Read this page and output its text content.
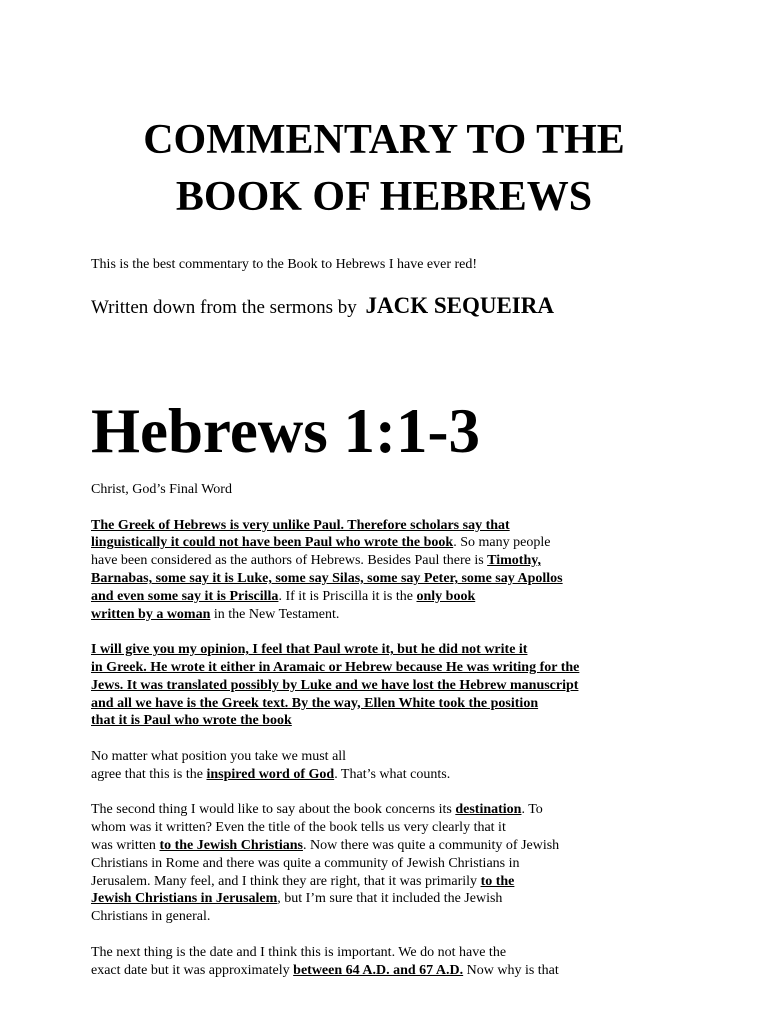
COMMENTARY TO THE
BOOK OF HEBREWS

This is the best commentary to the Book to Hebrews I have ever red!

Written down from the sermons by JACK SEQUEIRA

Hebrews 1:1-3

Christ, God’s Final Word

The Greek of Hebrews is very unlike Paul. Therefore scholars say that
linguistically it could not have been Paul who wrote the book. So many people
have been considered as the authors of Hebrews. Besides Paul there is Timothy,
Barnabas, some say it is Luke, some say Silas, some say Peter, some say Apollos
and even some say it is Priscilla. If it is Priscilla it is the only book
written by a woman in the New Testament.

I will give you my opinion, I feel that Paul wrote it, but he did not write it
in Greek. He wrote it either in Aramaic or Hebrew because He was writing for the
Jews. It was translated possibly by Luke and we have lost the Hebrew manuscript
and all we have is the Greek text. By the way, Ellen White took the position
that it is Paul who wrote the book

No matter what position you take we must all
agree that this is the inspired word of God. That’s what counts.

The second thing I would like to say about the book concerns its destination. To
whom was it written? Even the title of the book tells us very clearly that it
was written to the Jewish Christians. Now there was quite a community of Jewish
Christians in Rome and there was quite a community of Jewish Christians in
Jerusalem. Many feel, and I think they are right, that it was primarily to the
Jewish Christians in Jerusalem, but I’m sure that it included the Jewish
Christians in general.

The next thing is the date and I think this is important. We do not have the
exact date but it was approximately between 64 A.D. and 67 A.D. Now why is that
